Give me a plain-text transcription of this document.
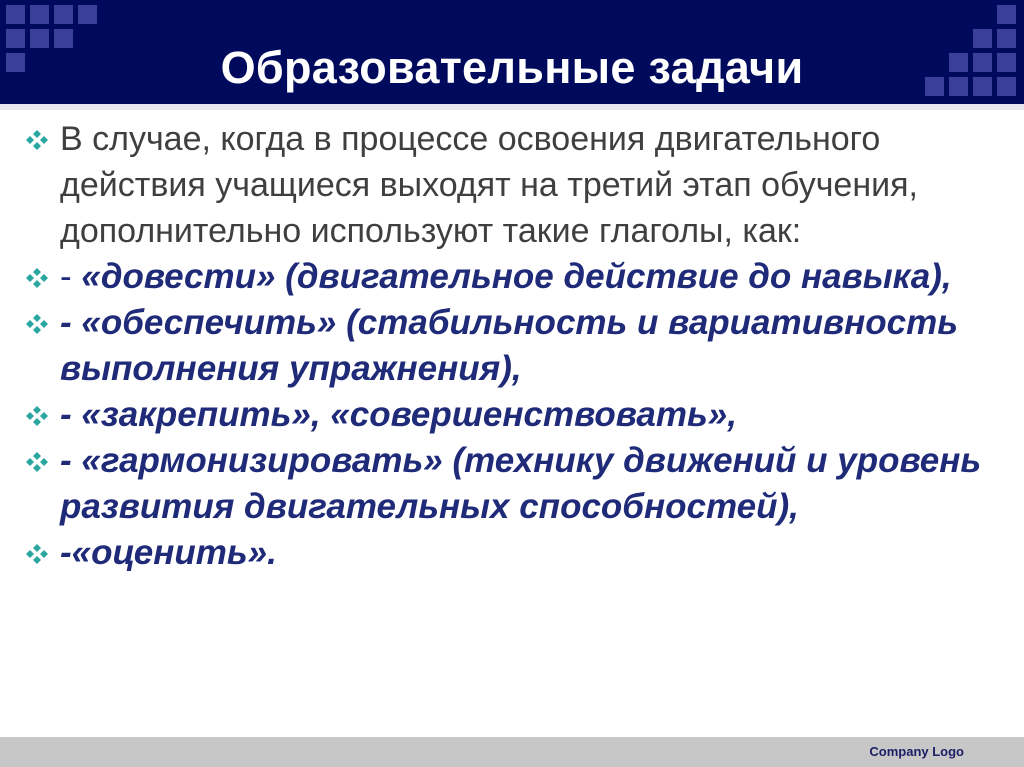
Образовательные задачи
В случае, когда в процессе освоения двигательного действия учащиеся выходят на третий этап обучения, дополнительно используют такие глаголы, как:
- «довести» (двигательное действие до навыка),
- «обеспечить» (стабильность и вариативность выполнения упражнения),
- «закрепить», «совершенствовать»,
- «гармонизировать» (технику движений и уровень развития двигательных способностей),
-«оценить».
Company Logo
